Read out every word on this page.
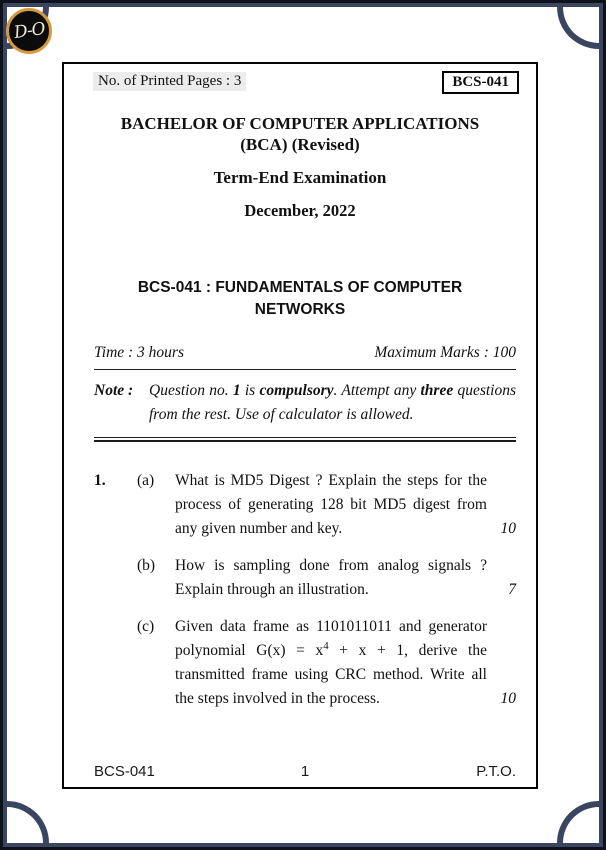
D-O
No. of Printed Pages : 3	BCS-041
BACHELOR OF COMPUTER APPLICATIONS
(BCA) (Revised)
Term-End Examination
December, 2022
BCS-041 : FUNDAMENTALS OF COMPUTER NETWORKS
Time : 3 hours	Maximum Marks : 100
Note : Question no. 1 is compulsory. Attempt any three questions from the rest. Use of calculator is allowed.
1.	(a)	What is MD5 Digest ? Explain the steps for the process of generating 128 bit MD5 digest from any given number and key.	10
(b)	How is sampling done from analog signals ? Explain through an illustration.	7
(c)	Given data frame as 1101011011 and generator polynomial $G(x) = x^4 + x + 1$, derive the transmitted frame using CRC method. Write all the steps involved in the process.	10
BCS-041	1	P.T.O.
